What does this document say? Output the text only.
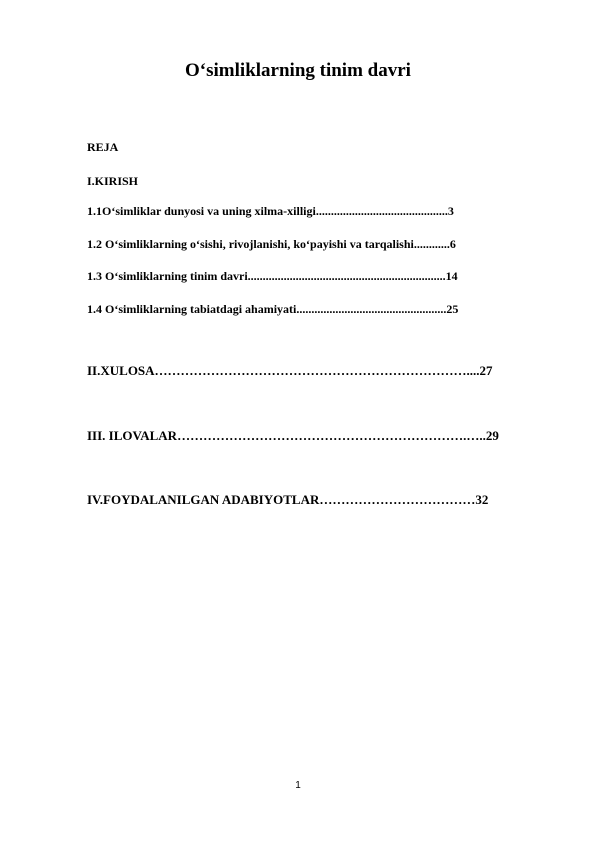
O‘simliklarning tinim davri
REJA
I.KIRISH
1.1O‘simliklar dunyosi va uning xilma-xilligi............................................3
1.2 O‘simliklarning o‘sishi, rivojlanishi, ko‘payishi va tarqalishi............6
1.3 O‘simliklarning tinim davri..................................................................14
1.4 O‘simliklarning tabiatdagi ahamiyati..................................................25
II.XULOSA………………………………………………………………....27
III. ILOVALAR………………………………………………………….…..29
IV.FOYDALANILGAN ADABIYOTLAR………………………………32
1
